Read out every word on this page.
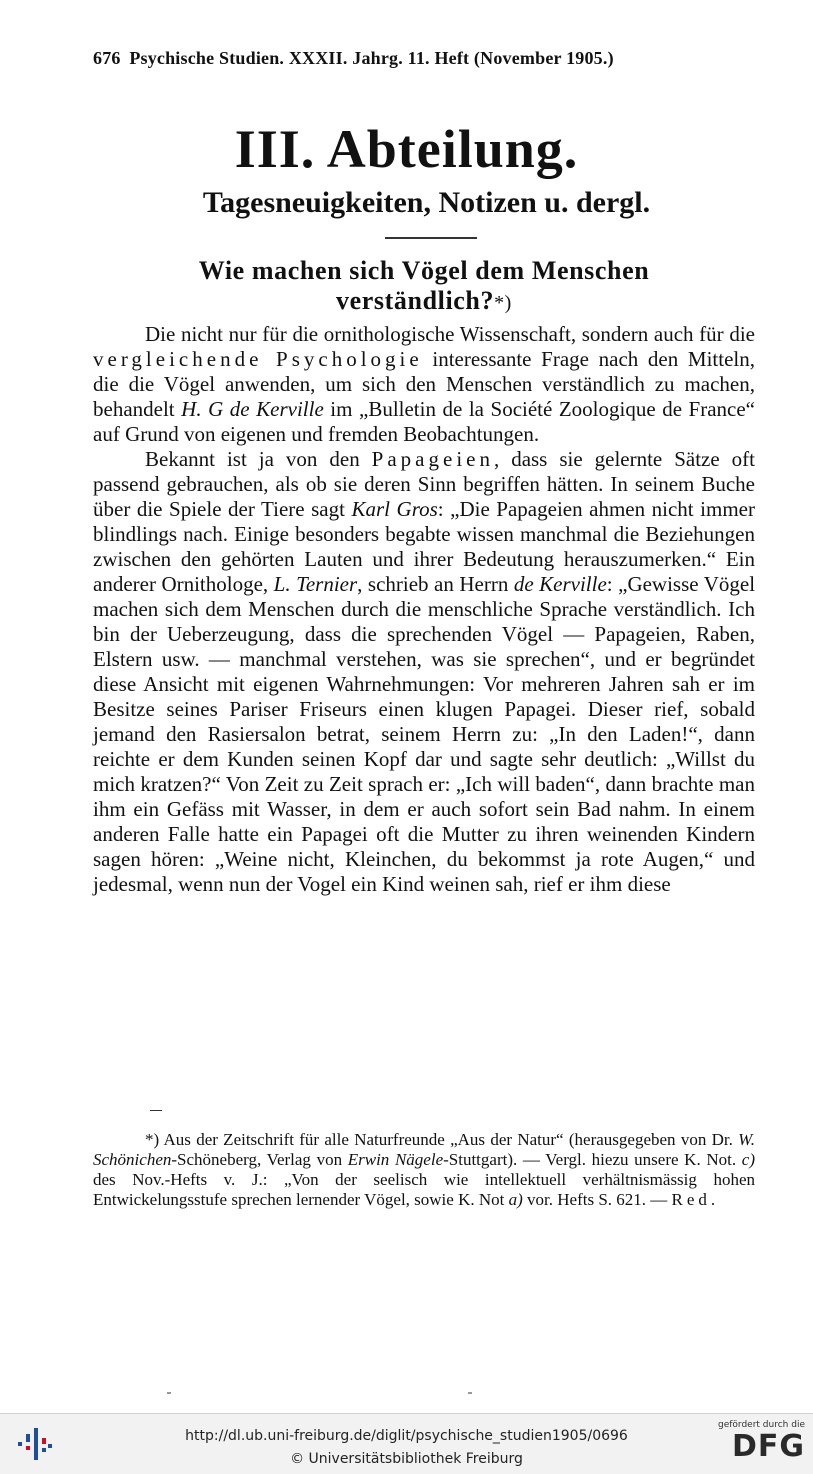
676 Psychische Studien. XXXII. Jahrg. 11. Heft (November 1905.)
III. Abteilung.
Tagesneuigkeiten, Notizen u. dergl.
Wie machen sich Vögel dem Menschen
verständlich?*)

Die nicht nur für die ornithologische Wissenschaft, sondern auch für die vergleichende Psychologie interessante Frage nach den Mitteln, die die Vögel anwenden, um sich den Menschen verständlich zu machen, behandelt H. G de Kerville im „Bulletin de la Société Zoologique de France“ auf Grund von eigenen und fremden Beobachtungen.

Bekannt ist ja von den Papageien, dass sie gelernte Sätze oft passend gebrauchen, als ob sie deren Sinn begriffen hätten. In seinem Buche über die Spiele der Tiere sagt Karl Gros: „Die Papageien ahmen nicht immer blindlings nach. Einige besonders begabte wissen manchmal die Beziehungen zwischen den gehörten Lauten und ihrer Bedeutung herauszumerken.“ Ein anderer Ornithologe, L. Ternier, schrieb an Herrn de Kerville: „Gewisse Vögel machen sich dem Menschen durch die menschliche Sprache verständlich. Ich bin der Ueberzeugung, dass die sprechenden Vögel — Papageien, Raben, Elstern usw. — manchmal verstehen, was sie sprechen“, und er begründet diese Ansicht mit eigenen Wahrnehmungen: Vor mehreren Jahren sah er im Besitze seines Pariser Friseurs einen klugen Papagei. Dieser rief, sobald jemand den Rasiersalon betrat, seinem Herrn zu: „In den Laden!“, dann reichte er dem Kunden seinen Kopf dar und sagte sehr deutlich: „Willst du mich kratzen?“ Von Zeit zu Zeit sprach er: „Ich will baden“, dann brachte man ihm ein Gefäss mit Wasser, in dem er auch sofort sein Bad nahm. In einem anderen Falle hatte ein Papagei oft die Mutter zu ihren weinenden Kindern sagen hören: „Weine nicht, Kleinchen, du bekommst ja rote Augen,“ und jedesmal, wenn nun der Vogel ein Kind weinen sah, rief er ihm diese

*) Aus der Zeitschrift für alle Naturfreunde „Aus der Natur“ (herausgegeben von Dr. W. Schönichen-Schöneberg, Verlag von Erwin Nägele-Stuttgart). — Vergl. hiezu unsere K. Not. c) des Nov.-Hefts v. J.: „Von der seelisch wie intellektuell verhältnismässig hohen Entwickelungsstufe sprechen lernender Vögel, sowie K. Not a) vor. Hefts S. 621. — Red.

http://dl.ub.uni-freiburg.de/diglit/psychische_studien1905/0696
© Universitätsbibliothek Freiburg
gefördert durch die
DFG
